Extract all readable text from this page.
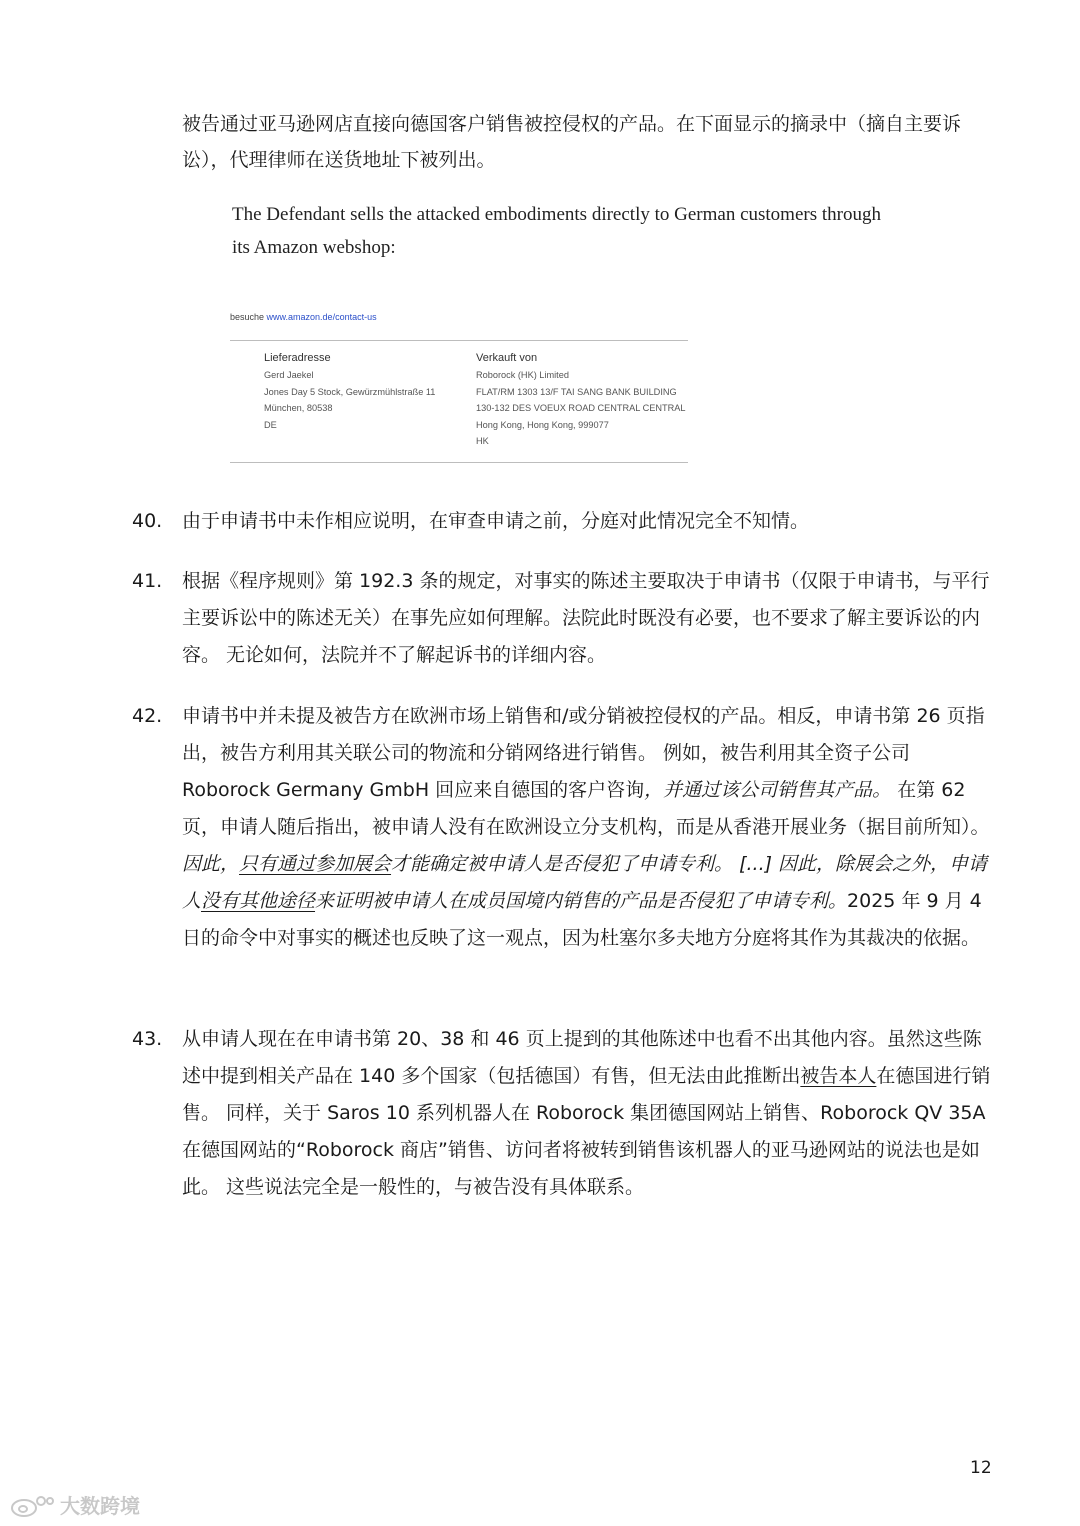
被告通过亚马逊网店直接向德国客户销售被控侵权的产品。在下面显示的摘录中（摘自主要诉讼），代理律师在送货地址下被列出。
The Defendant sells the attacked embodiments directly to German customers through
its Amazon webshop:
besuche www.amazon.de/contact-us
Lieferadresse
Gerd Jaekel
Jones Day 5 Stock, Gewürzmühlstraße 11
München, 80538
DE
Verkauft von
Roborock (HK) Limited
FLAT/RM 1303 13/F TAI SANG BANK BUILDING
130-132 DES VOEUX ROAD CENTRAL CENTRAL
Hong Kong, Hong Kong, 999077
HK
40.	由于申请书中未作相应说明，在审查申请之前，分庭对此情况完全不知情。
41.	根据《程序规则》第 192.3 条的规定，对事实的陈述主要取决于申请书（仅限于申请书，与平行主要诉讼中的陈述无关）在事先应如何理解。法院此时既没有必要，也不要求了解主要诉讼的内容。 无论如何，法院并不了解起诉书的详细内容。
42.	申请书中并未提及被告方在欧洲市场上销售和/或分销被控侵权的产品。相反，申请书第 26 页指出，被告方利用其关联公司的物流和分销网络进行销售。 例如，被告利用其全资子公司 Roborock Germany GmbH 回应来自德国的客户咨询，并通过该公司销售其产品。 在第 62 页，申请人随后指出，被申请人没有在欧洲设立分支机构，而是从香港开展业务（据目前所知）。因此，只有通过参加展会才能确定被申请人是否侵犯了申请专利。 [...] 因此，除展会之外，申请人没有其他途径来证明被申请人在成员国境内销售的产品是否侵犯了申请专利。2025 年 9 月 4 日的命令中对事实的概述也反映了这一观点，因为杜塞尔多夫地方分庭将其作为其裁决的依据。
43.	从申请人现在在申请书第 20、38 和 46 页上提到的其他陈述中也看不出其他内容。虽然这些陈述中提到相关产品在 140 多个国家（包括德国）有售，但无法由此推断出被告本人在德国进行销售。 同样，关于 Saros 10 系列机器人在 Roborock 集团德国网站上销售、Roborock QV 35A 在德国网站的“Roborock 商店”销售、访问者将被转到销售该机器人的亚马逊网站的说法也是如此。 这些说法完全是一般性的，与被告没有具体联系。
12
大数跨境
